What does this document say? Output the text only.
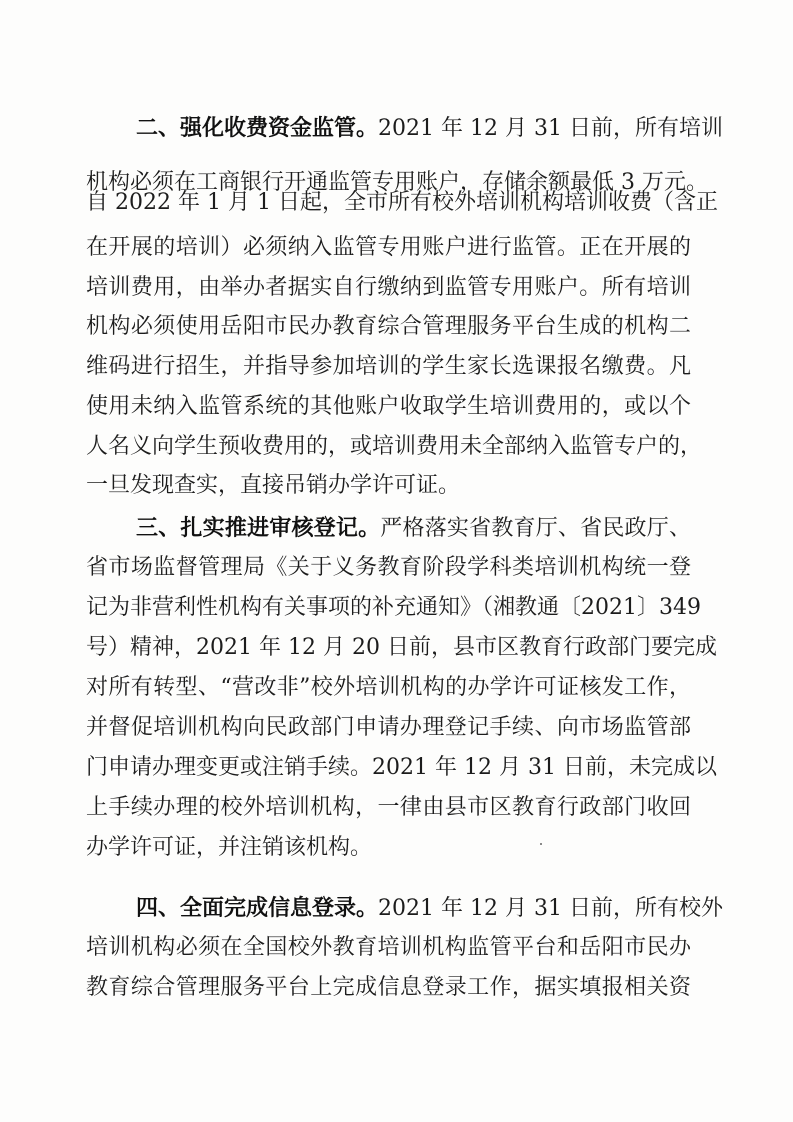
二、强化收费资金监管。2021 年 12 月 31 日前，所有培训
机构必须在工商银行开通监管专用账户，存储余额最低 3 万元。
自 2022 年 1 月 1 日起，全市所有校外培训机构培训收费（含正
在开展的培训）必须纳入监管专用账户进行监管。正在开展的
培训费用，由举办者据实自行缴纳到监管专用账户。所有培训
机构必须使用岳阳市民办教育综合管理服务平台生成的机构二
维码进行招生，并指导参加培训的学生家长选课报名缴费。凡
使用未纳入监管系统的其他账户收取学生培训费用的，或以个
人名义向学生预收费用的，或培训费用未全部纳入监管专户的，
一旦发现查实，直接吊销办学许可证。
三、扎实推进审核登记。严格落实省教育厅、省民政厅、
省市场监督管理局《关于义务教育阶段学科类培训机构统一登
记为非营利性机构有关事项的补充通知》（湘教通〔2021〕349
号）精神，2021 年 12 月 20 日前，县市区教育行政部门要完成
对所有转型、“营改非”校外培训机构的办学许可证核发工作，
并督促培训机构向民政部门申请办理登记手续、向市场监管部
门申请办理变更或注销手续。2021 年 12 月 31 日前，未完成以
上手续办理的校外培训机构，一律由县市区教育行政部门收回
办学许可证，并注销该机构。
四、全面完成信息登录。2021 年 12 月 31 日前，所有校外
培训机构必须在全国校外教育培训机构监管平台和岳阳市民办
教育综合管理服务平台上完成信息登录工作，据实填报相关资
